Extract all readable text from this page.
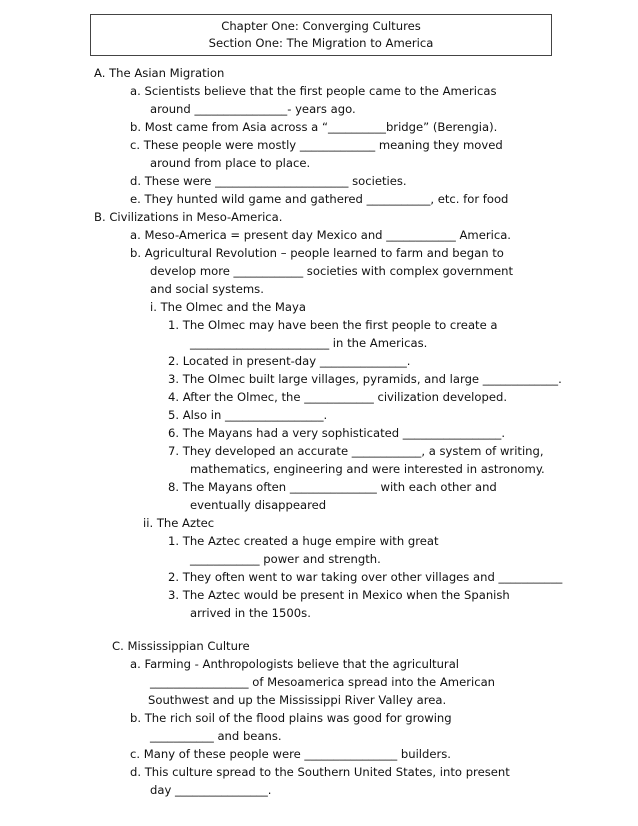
Chapter One: Converging Cultures
Section One: The Migration to America
A. The Asian Migration
a. Scientists believe that the first people came to the Americas
around ________________- years ago.
b. Most came from Asia across a “__________bridge” (Berengia).
c. These people were mostly _____________ meaning they moved
around from place to place.
d. These were _______________________ societies.
e. They hunted wild game and gathered ___________, etc. for food
B. Civilizations in Meso-America.
a. Meso-America = present day Mexico and ____________ America.
b. Agricultural Revolution – people learned to farm and began to
develop more ____________ societies with complex government
and social systems.
i. The Olmec and the Maya
1. The Olmec may have been the first people to create a
________________________ in the Americas.
2. Located in present-day _______________.
3. The Olmec built large villages, pyramids, and large _____________.
4. After the Olmec, the ____________ civilization developed.
5. Also in _________________.
6. The Mayans had a very sophisticated _________________.
7. They developed an accurate ____________, a system of writing,
mathematics, engineering and were interested in astronomy.
8. The Mayans often _______________ with each other and
eventually disappeared
ii. The Aztec
1. The Aztec created a huge empire with great
____________ power and strength.
2. They often went to war taking over other villages and ___________
3. The Aztec would be present in Mexico when the Spanish
arrived in the 1500s.
C. Mississippian Culture
a. Farming - Anthropologists believe that the agricultural
_________________ of Mesoamerica spread into the American
Southwest and up the Mississippi River Valley area.
b. The rich soil of the flood plains was good for growing
___________ and beans.
c. Many of these people were ________________ builders.
d. This culture spread to the Southern United States, into present
day ________________.
